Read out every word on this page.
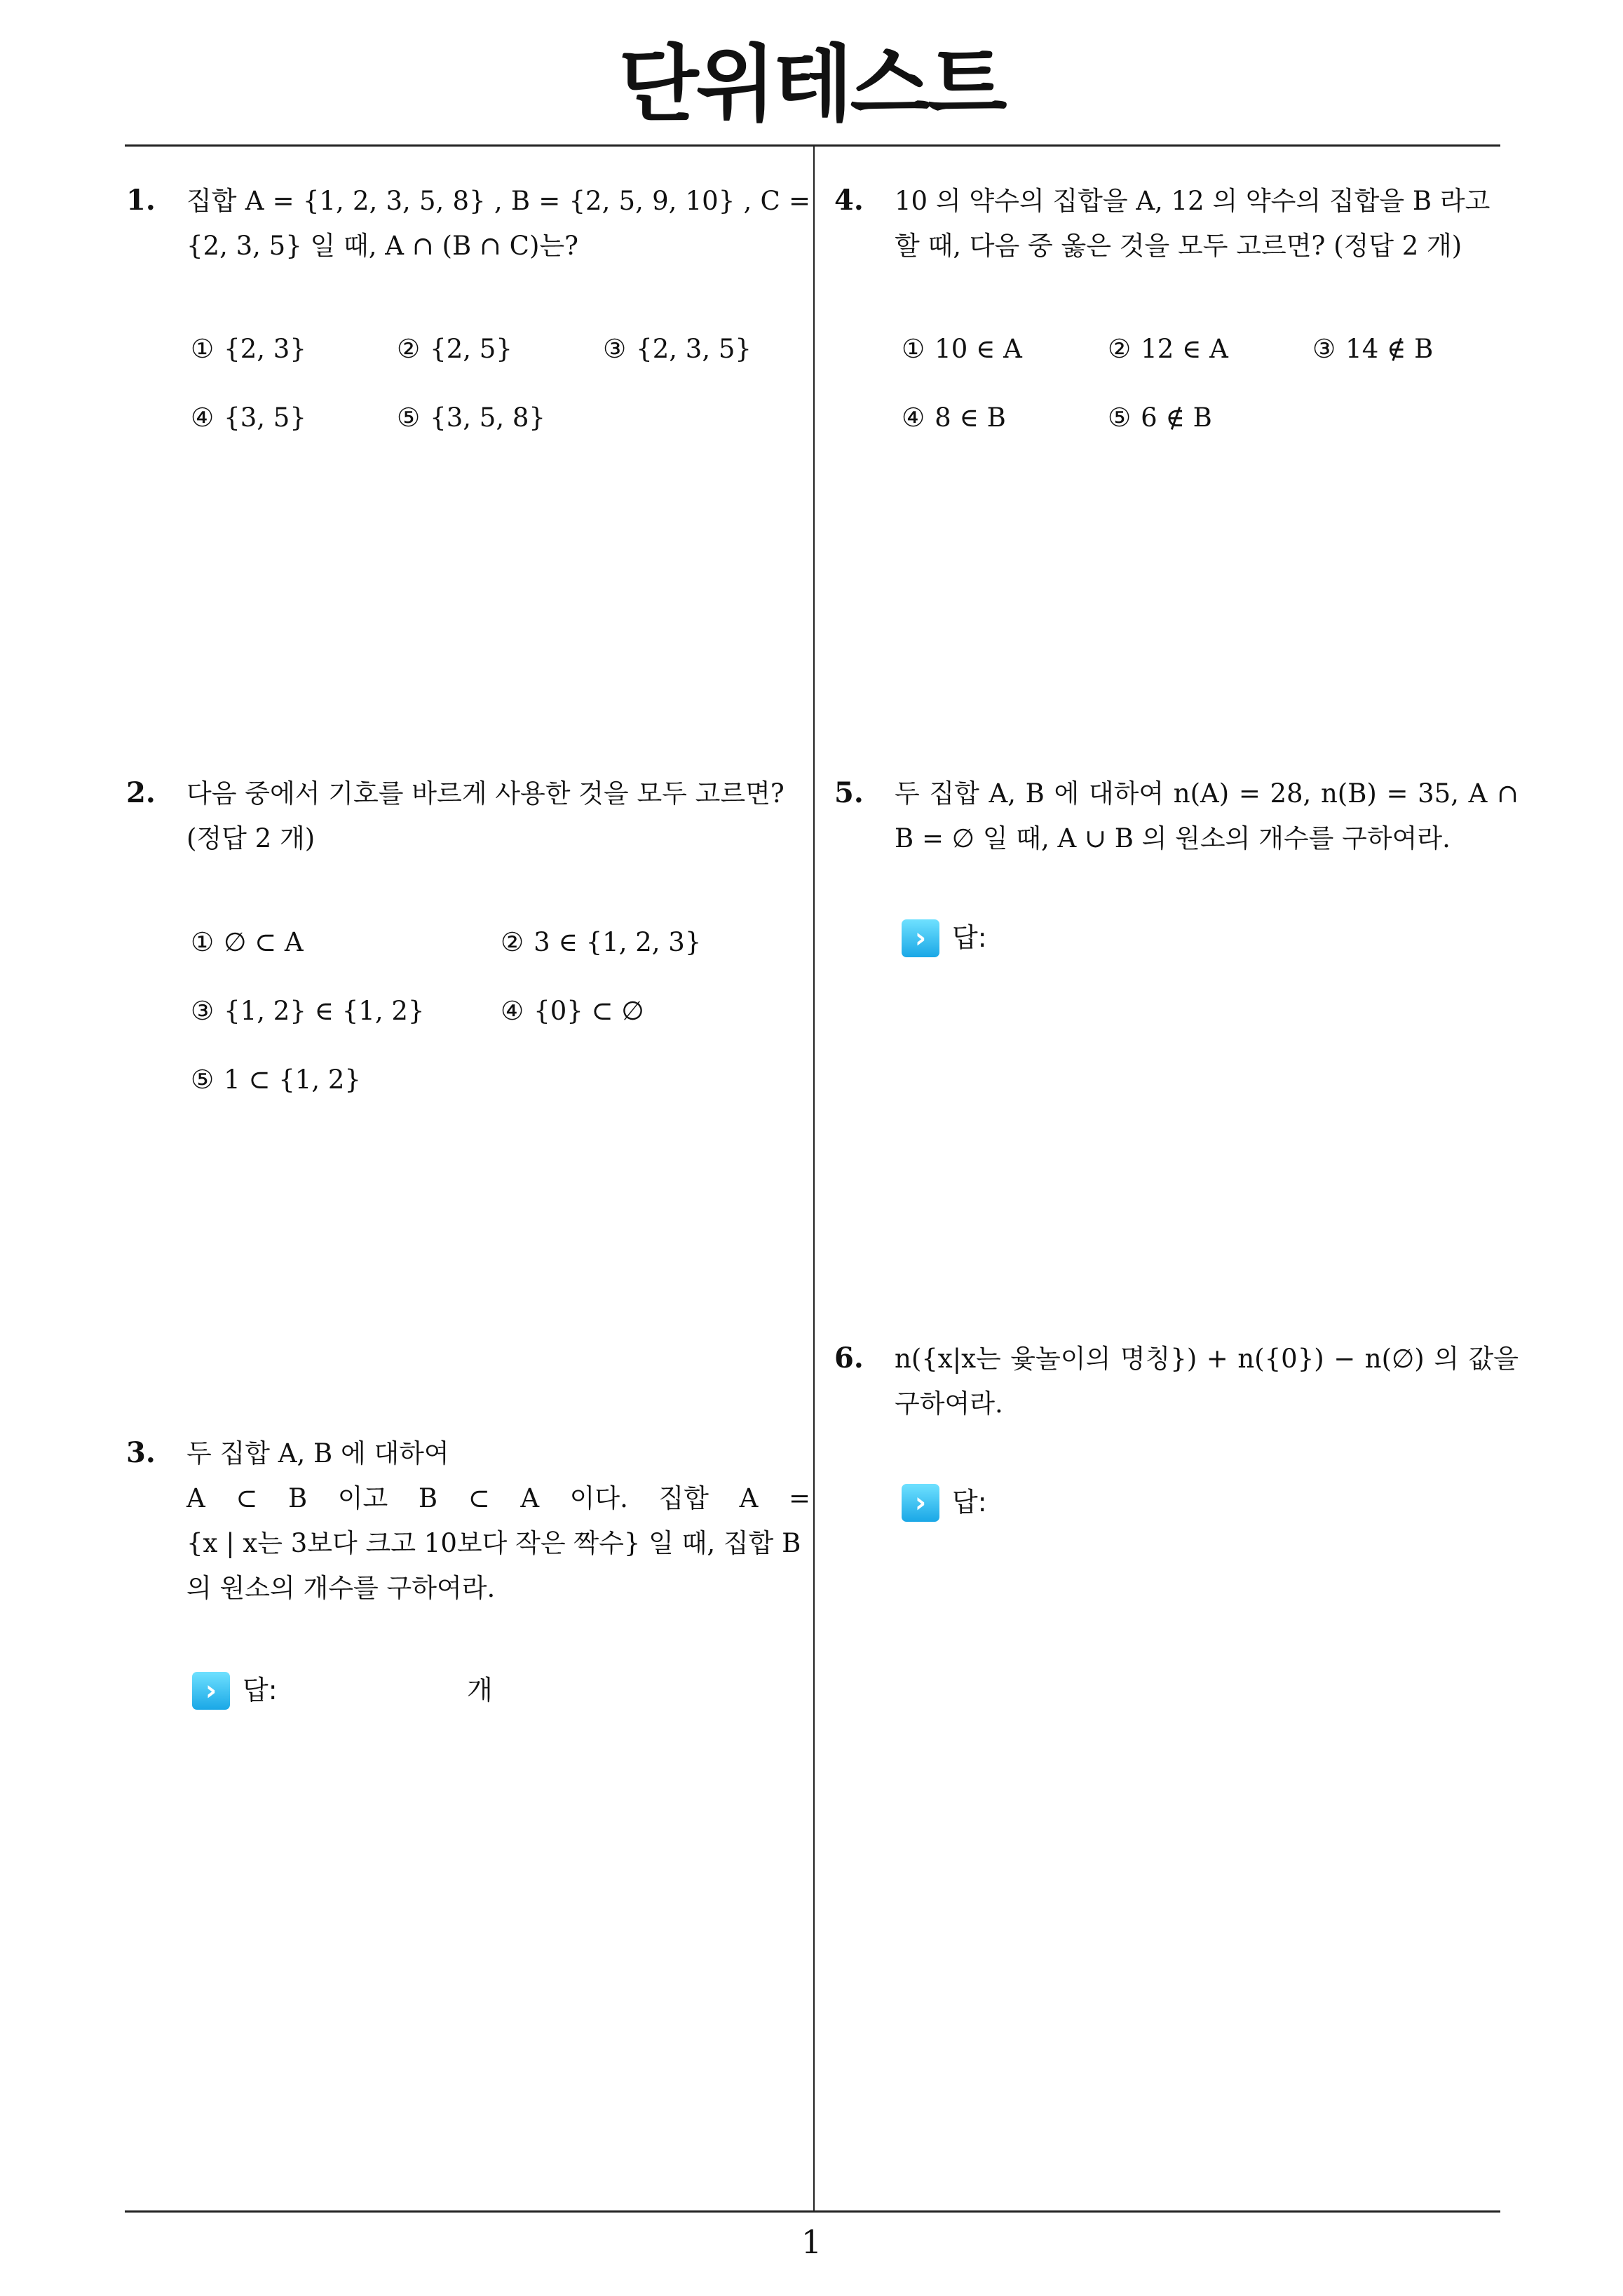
단위테스트
1
1. 집합 A = {1, 2, 3, 5, 8} , B = {2, 5, 9, 10} , C =
{2, 3, 5} 일 때, A ∩ (B ∩ C)는?
① {2, 3}	② {2, 5}	③ {2, 3, 5}
④ {3, 5}	⑤ {3, 5, 8}
2. 다음 중에서 기호를 바르게 사용한 것을 모두 고르면?
(정답 2 개)
① ∅ ⊂ A	② 3 ∈ {1, 2, 3}
③ {1, 2} ∈ {1, 2}	④ {0} ⊂ ∅
⑤ 1 ⊂ {1, 2}
3. 두 집합 A, B 에 대하여
A ⊂ B 이고 B ⊂ A 이다. 집합 A =
{x | x는 3보다 크고 10보다 작은 짝수} 일 때, 집합 B
의 원소의 개수를 구하여라.
› 답:	개
4. 10 의 약수의 집합을 A, 12 의 약수의 집합을 B 라고
할 때, 다음 중 옳은 것을 모두 고르면? (정답 2 개)
① 10 ∈ A	② 12 ∈ A	③ 14 ∉ B
④ 8 ∈ B	⑤ 6 ∉ B
5. 두 집합 A, B 에 대하여 n(A) = 28, n(B) = 35, A ∩
B = ∅ 일 때, A ∪ B 의 원소의 개수를 구하여라.
› 답:
6. n({x|x는 윷놀이의 명칭}) + n({0}) − n(∅) 의 값을
구하여라.
› 답:
